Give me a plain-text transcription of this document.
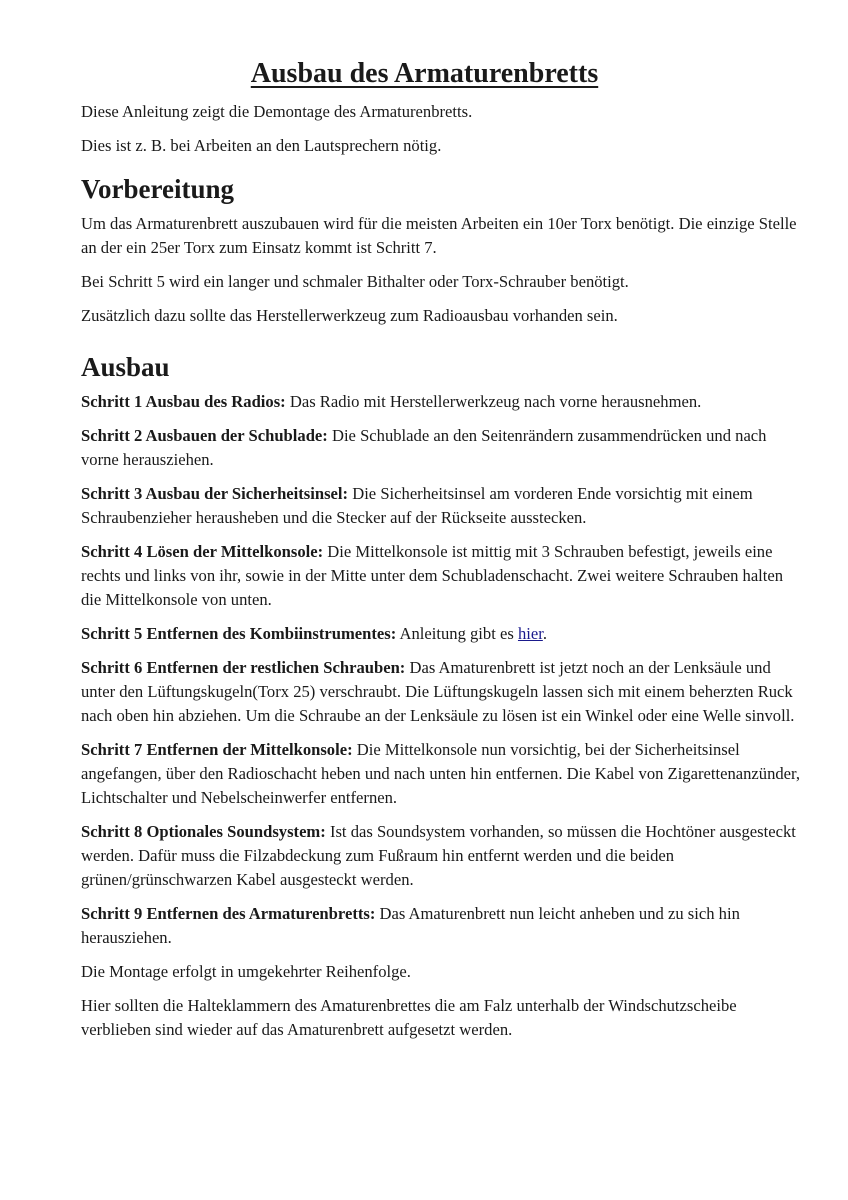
Ausbau des Armaturenbretts

Diese Anleitung zeigt die Demontage des Armaturenbretts.

Dies ist z. B. bei Arbeiten an den Lautsprechern nötig.

Vorbereitung

Um das Armaturenbrett auszubauen wird für die meisten Arbeiten ein 10er Torx benötigt. Die einzige Stelle an der ein 25er Torx zum Einsatz kommt ist Schritt 7.

Bei Schritt 5 wird ein langer und schmaler Bithalter oder Torx-Schrauber benötigt.

Zusätzlich dazu sollte das Herstellerwerkzeug zum Radioausbau vorhanden sein.

Ausbau

Schritt 1 Ausbau des Radios: Das Radio mit Herstellerwerkzeug nach vorne herausnehmen.

Schritt 2 Ausbauen der Schublade: Die Schublade an den Seitenrändern zusammendrücken und nach vorne herausziehen.

Schritt 3 Ausbau der Sicherheitsinsel: Die Sicherheitsinsel am vorderen Ende vorsichtig mit einem Schraubenzieher herausheben und die Stecker auf der Rückseite ausstecken.

Schritt 4 Lösen der Mittelkonsole: Die Mittelkonsole ist mittig mit 3 Schrauben befestigt, jeweils eine rechts und links von ihr, sowie in der Mitte unter dem Schubladenschacht. Zwei weitere Schrauben halten die Mittelkonsole von unten.

Schritt 5 Entfernen des Kombiinstrumentes: Anleitung gibt es hier.

Schritt 6 Entfernen der restlichen Schrauben: Das Amaturenbrett ist jetzt noch an der Lenksäule und unter den Lüftungskugeln(Torx 25) verschraubt. Die Lüftungskugeln lassen sich mit einem beherzten Ruck nach oben hin abziehen. Um die Schraube an der Lenksäule zu lösen ist ein Winkel oder eine Welle sinvoll.

Schritt 7 Entfernen der Mittelkonsole: Die Mittelkonsole nun vorsichtig, bei der Sicherheitsinsel angefangen, über den Radioschacht heben und nach unten hin entfernen. Die Kabel von Zigarettenanzünder, Lichtschalter und Nebelscheinwerfer entfernen.

Schritt 8 Optionales Soundsystem: Ist das Soundsystem vorhanden, so müssen die Hochtöner ausgesteckt werden. Dafür muss die Filzabdeckung zum Fußraum hin entfernt werden und die beiden grünen/grünschwarzen Kabel ausgesteckt werden.

Schritt 9 Entfernen des Armaturenbretts: Das Amaturenbrett nun leicht anheben und zu sich hin herausziehen.

Die Montage erfolgt in umgekehrter Reihenfolge.

Hier sollten die Halteklammern des Amaturenbrettes die am Falz unterhalb der Windschutzscheibe verblieben sind wieder auf das Amaturenbrett aufgesetzt werden.
